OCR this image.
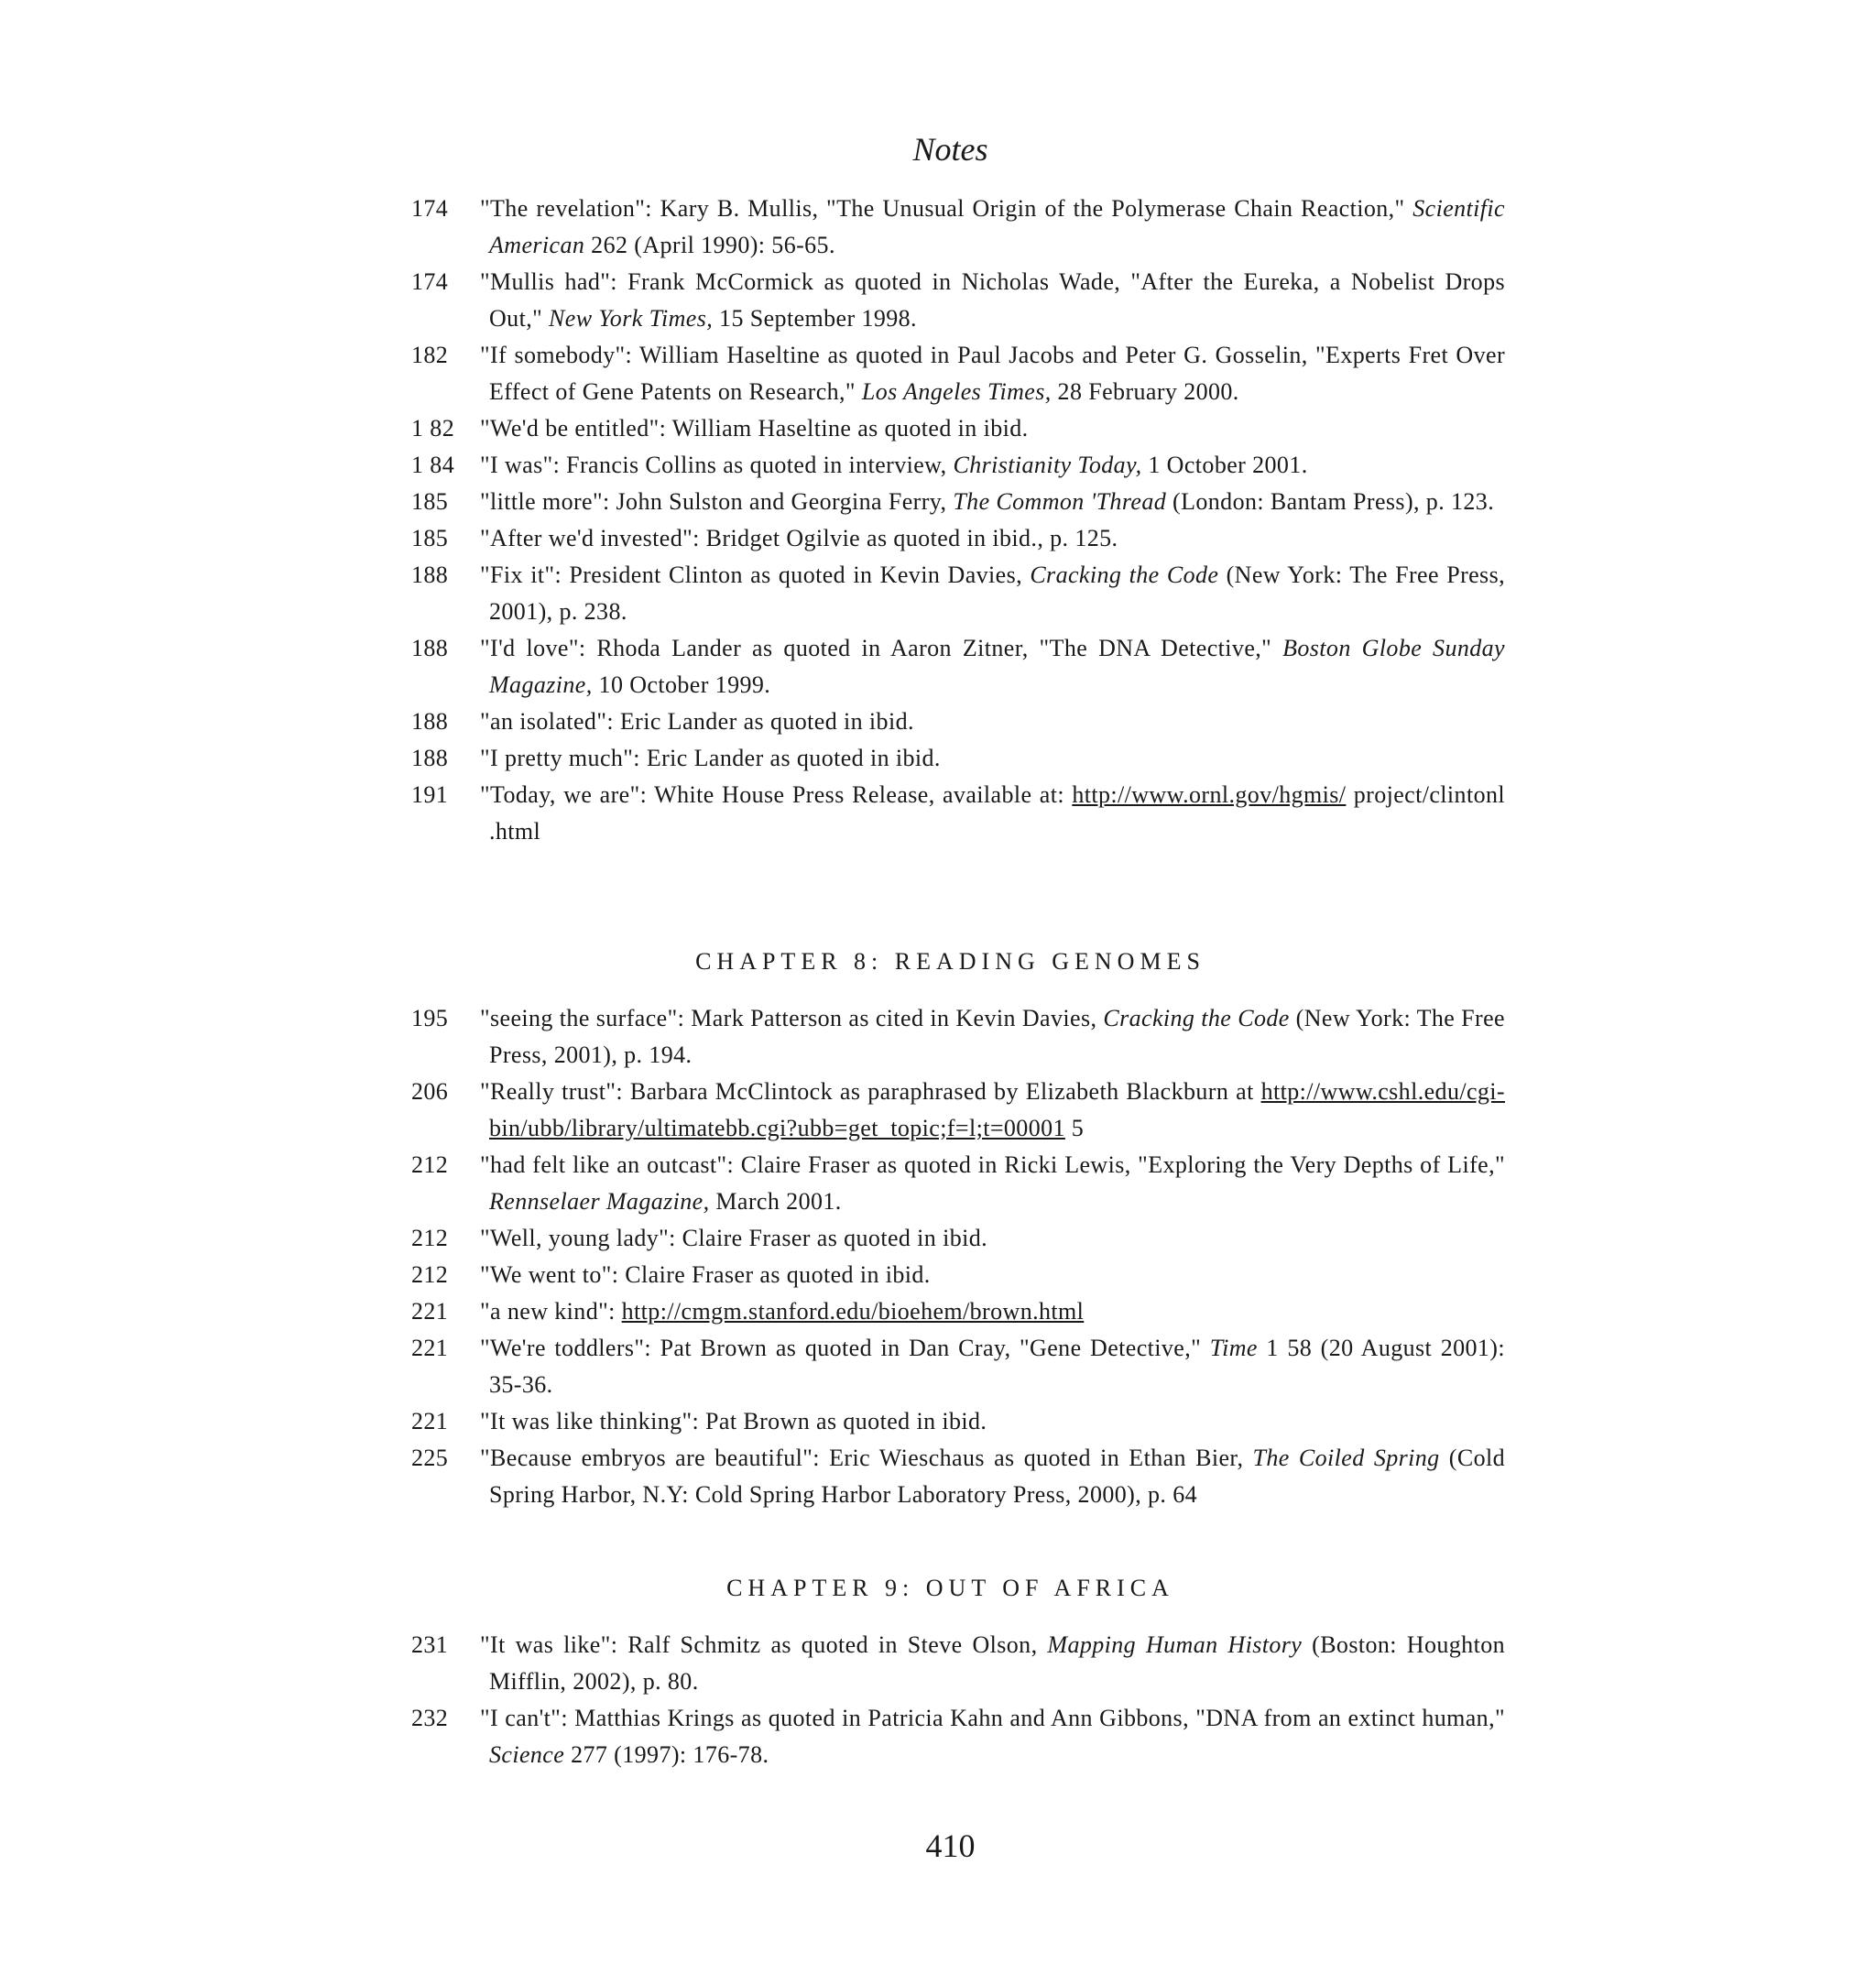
Notes

174	"The revelation": Kary B. Mullis, "The Unusual Origin of the Polymerase Chain Reaction," Scientific American 262 (April 1990): 56-65.

174	"Mullis had": Frank McCormick as quoted in Nicholas Wade, "After the Eureka, a Nobelist Drops Out," New York Times, 15 September 1998.

182	"If somebody": William Haseltine as quoted in Paul Jacobs and Peter G. Gosselin, "Experts Fret Over Effect of Gene Patents on Research," Los Angeles Times, 28 February 2000.

1 82	"We'd be entitled": William Haseltine as quoted in ibid.

1 84	"I was": Francis Collins as quoted in interview, Christianity Today, 1 October 2001.

185	"little more": John Sulston and Georgina Ferry, The Common 'Thread (London: Bantam Press), p. 123.

185	"After we'd invested": Bridget Ogilvie as quoted in ibid., p. 125.

188	"Fix it": President Clinton as quoted in Kevin Davies, Cracking the Code (New York: The Free Press, 2001), p. 238.

188	"I'd love": Rhoda Lander as quoted in Aaron Zitner, "The DNA Detective," Boston Globe Sunday Magazine, 10 October 1999.

188	"an isolated": Eric Lander as quoted in ibid.

188	"I pretty much": Eric Lander as quoted in ibid.

191	"Today, we are": White House Press Release, available at: http://www.ornl.gov/hgmis/ project/clintonl .html

CHAPTER 8: READING GENOMES

195	"seeing the surface": Mark Patterson as cited in Kevin Davies, Cracking the Code (New York: The Free Press, 2001), p. 194.

206	"Really trust": Barbara McClintock as paraphrased by Elizabeth Blackburn at http://www.cshl.edu/cgi-bin/ubb/library/ultimatebb.cgi?ubb=get_topic;f=l;t=00001 5

212	"had felt like an outcast": Claire Fraser as quoted in Ricki Lewis, "Exploring the Very Depths of Life," Rennselaer Magazine, March 2001.

212	"Well, young lady": Claire Fraser as quoted in ibid.

212	"We went to": Claire Fraser as quoted in ibid.

221	"a new kind": http://cmgm.stanford.edu/bioehem/brown.html

221	"We're toddlers": Pat Brown as quoted in Dan Cray, "Gene Detective," Time 1 58 (20 August 2001): 35-36.

221	"It was like thinking": Pat Brown as quoted in ibid.

225	"Because embryos are beautiful": Eric Wieschaus as quoted in Ethan Bier, The Coiled Spring (Cold Spring Harbor, N.Y: Cold Spring Harbor Laboratory Press, 2000), p. 64

CHAPTER 9: OUT OF AFRICA

231	"It was like": Ralf Schmitz as quoted in Steve Olson, Mapping Human History (Boston: Houghton Mifflin, 2002), p. 80.

232	"I can't": Matthias Krings as quoted in Patricia Kahn and Ann Gibbons, "DNA from an extinct human," Science 277 (1997): 176-78.

410
